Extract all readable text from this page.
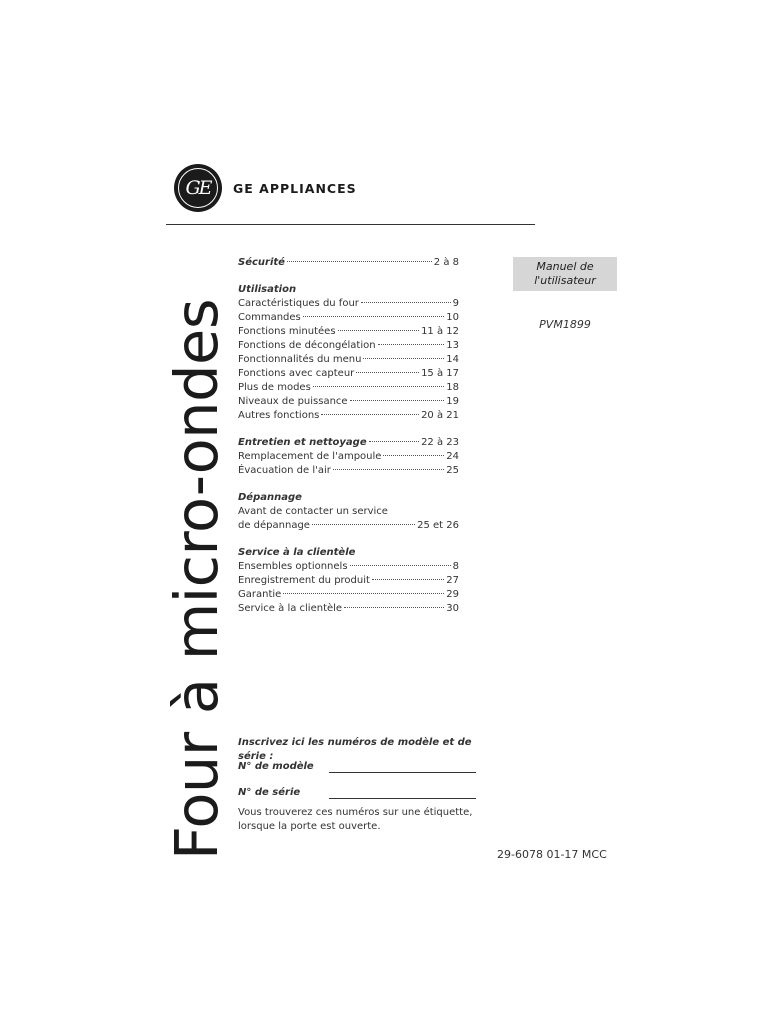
GE	GE APPLIANCES
Four à micro-ondes
Sécurité	2 à 8
Utilisation
Caractéristiques du four	9
Commandes	10
Fonctions minutées	11 à 12
Fonctions de décongélation	13
Fonctionnalités du menu	14
Fonctions avec capteur	15 à 17
Plus de modes	18
Niveaux de puissance	19
Autres fonctions	20 à 21
Entretien et nettoyage	22 à 23
Remplacement de l'ampoule	24
Évacuation de l'air	25
Dépannage
Avant de contacter un service
de dépannage	25 et 26
Service à la clientèle
Ensembles optionnels	8
Enregistrement du produit	27
Garantie	29
Service à la clientèle	30
Manuel de
l'utilisateur
PVM1899
Inscrivez ici les numéros de modèle et de série :
N° de modèle
N° de série
Vous trouverez ces numéros sur une étiquette,
lorsque la porte est ouverte.
29-6078 01-17 MCC
